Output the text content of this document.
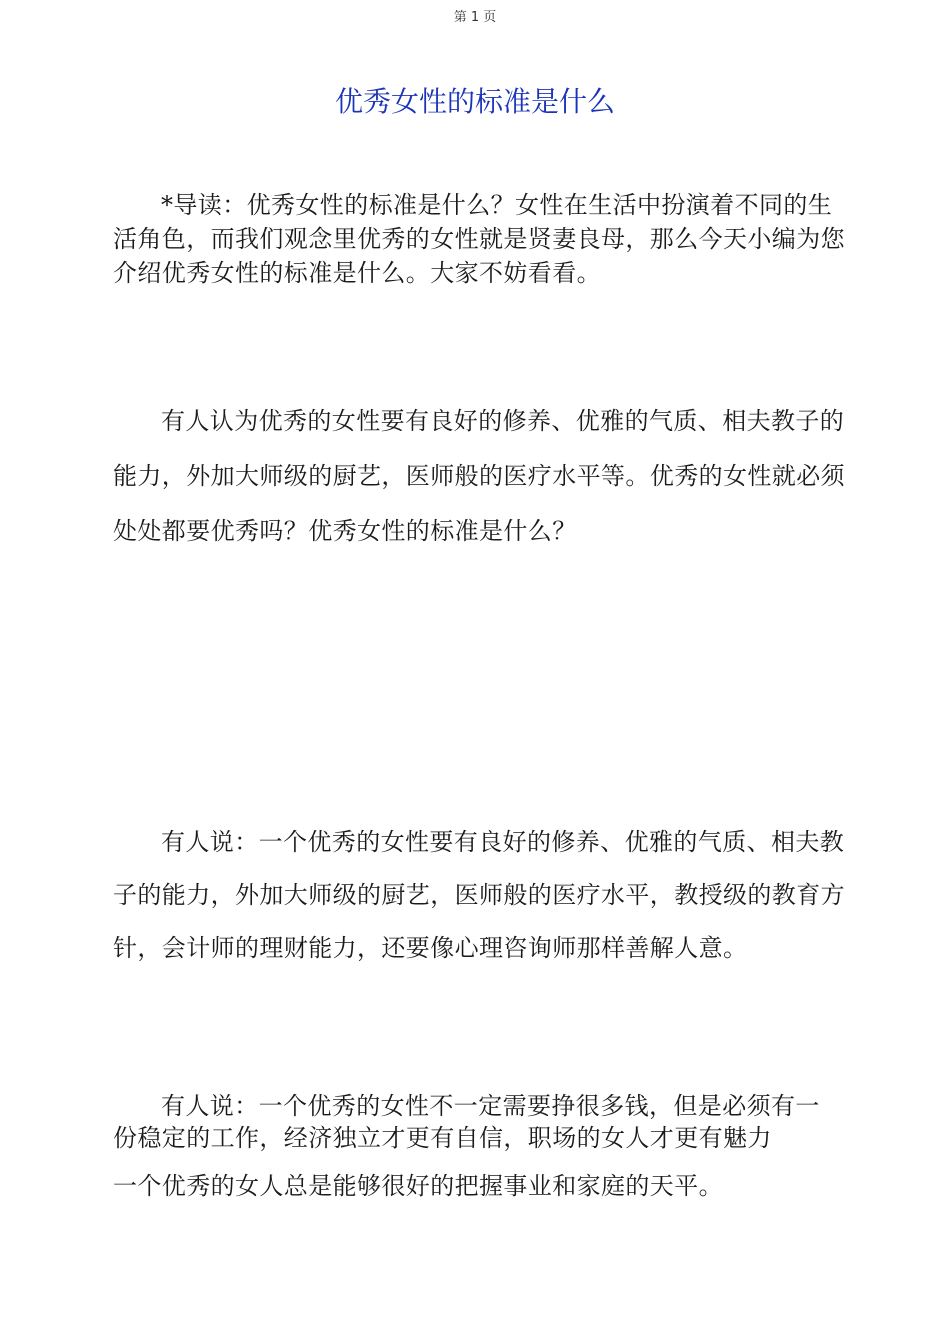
第 1 页
优秀女性的标准是什么

*导读：优秀女性的标准是什么？女性在生活中扮演着不同的生活角色，而我们观念里优秀的女性就是贤妻良母，那么今天小编为您介绍优秀女性的标准是什么。大家不妨看看。

有人认为优秀的女性要有良好的修养、优雅的气质、相夫教子的能力，外加大师级的厨艺，医师般的医疗水平等。优秀的女性就必须处处都要优秀吗？优秀女性的标准是什么？

有人说：一个优秀的女性要有良好的修养、优雅的气质、相夫教子的能力，外加大师级的厨艺，医师般的医疗水平，教授级的教育方针，会计师的理财能力，还要像心理咨询师那样善解人意。

有人说：一个优秀的女性不一定需要挣很多钱，但是必须有一份稳定的工作，经济独立才更有自信，职场的女人才更有魅力

一个优秀的女人总是能够很好的把握事业和家庭的天平。
